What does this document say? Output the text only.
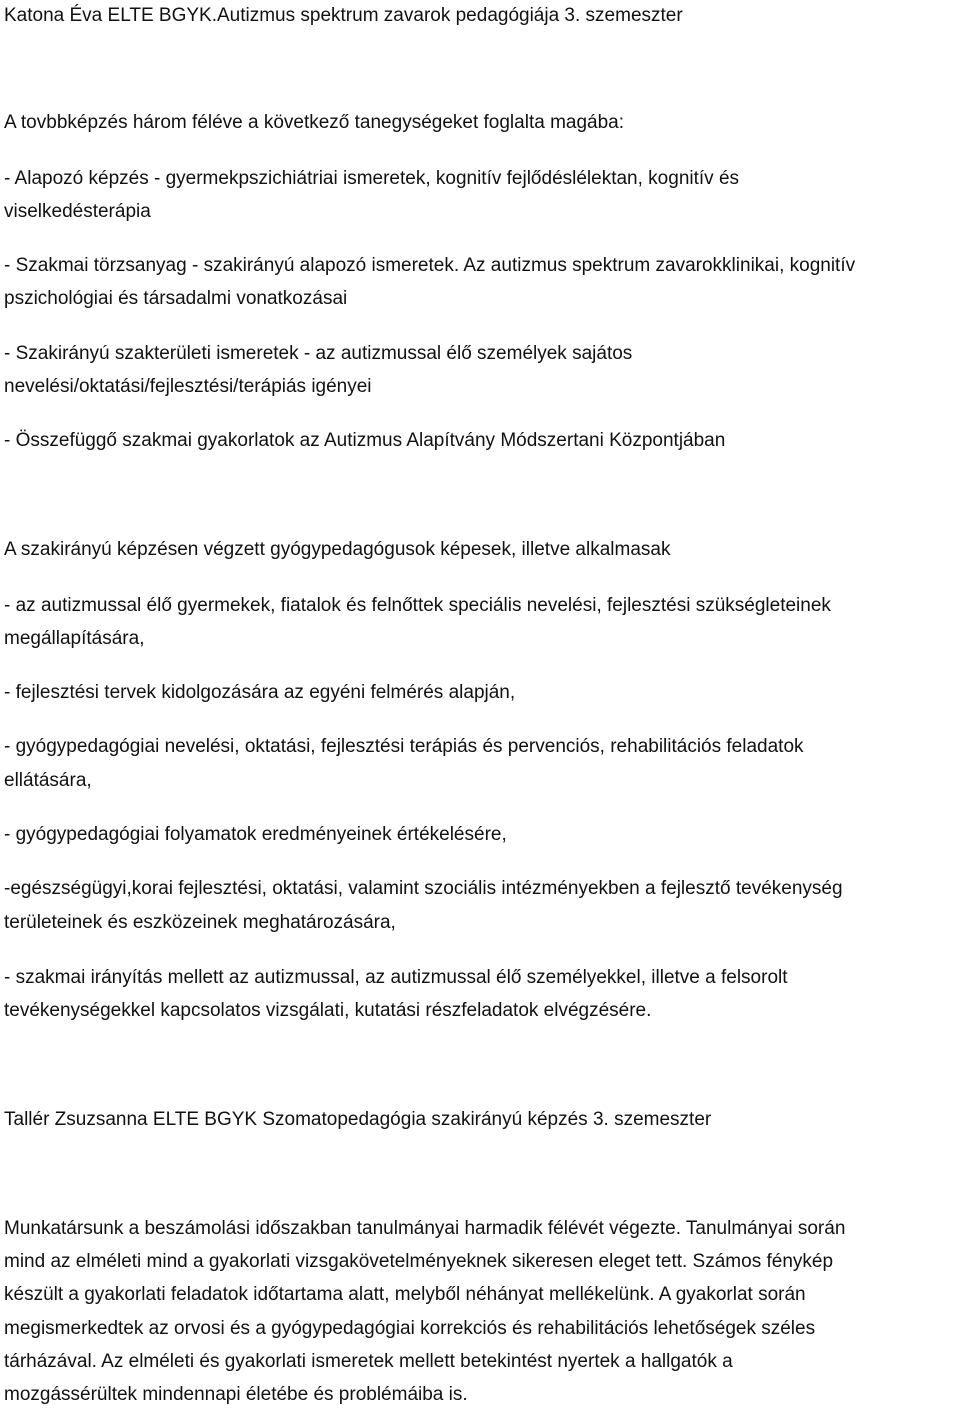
Katona Éva ELTE BGYK.Autizmus spektrum zavarok pedagógiája 3. szemeszter
A tovbbképzés három féléve a következő tanegységeket foglalta magába:
- Alapozó képzés - gyermekpszichiátriai ismeretek, kognitív fejlődéslélektan, kognitív és
viselkedésterápia
- Szakmai törzsanyag - szakirányú alapozó ismeretek. Az autizmus spektrum zavarokklinikai, kognitív
pszichológiai és társadalmi vonatkozásai
- Szakirányú szakterületi ismeretek - az autizmussal élő személyek sajátos
nevelési/oktatási/fejlesztési/terápiás igényei
- Összefüggő szakmai gyakorlatok az Autizmus Alapítvány Módszertani Központjában
A szakirányú képzésen végzett gyógypedagógusok képesek, illetve alkalmasak
- az autizmussal élő gyermekek, fiatalok és felnőttek speciális nevelési, fejlesztési szükségleteinek
megállapítására,
- fejlesztési tervek kidolgozására az egyéni felmérés alapján,
- gyógypedagógiai nevelési, oktatási, fejlesztési terápiás és pervenciós, rehabilitációs feladatok
ellátására,
- gyógypedagógiai folyamatok eredményeinek értékelésére,
-egészségügyi,korai fejlesztési, oktatási, valamint szociális intézményekben a fejlesztő tevékenység
területeinek és eszközeinek meghatározására,
- szakmai irányítás mellett az autizmussal, az autizmussal élő személyekkel, illetve a felsorolt
tevékenységekkel kapcsolatos vizsgálati, kutatási részfeladatok elvégzésére.
Tallér Zsuzsanna ELTE BGYK Szomatopedagógia szakirányú képzés 3. szemeszter
Munkatársunk a beszámolási időszakban tanulmányai harmadik félévét végezte. Tanulmányai során
mind az elméleti mind a gyakorlati vizsgakövetelményeknek sikeresen eleget tett. Számos fénykép
készült a gyakorlati feladatok időtartama alatt, melyből néhányat mellékelünk. A gyakorlat során
megismerkedtek az orvosi és a gyógypedagógiai korrekciós és rehabilitációs lehetőségek széles
tárházával. Az elméleti és gyakorlati ismeretek mellett betekintést nyertek a hallgatók a
mozgássérültek mindennapi életébe és problémáiba is.
